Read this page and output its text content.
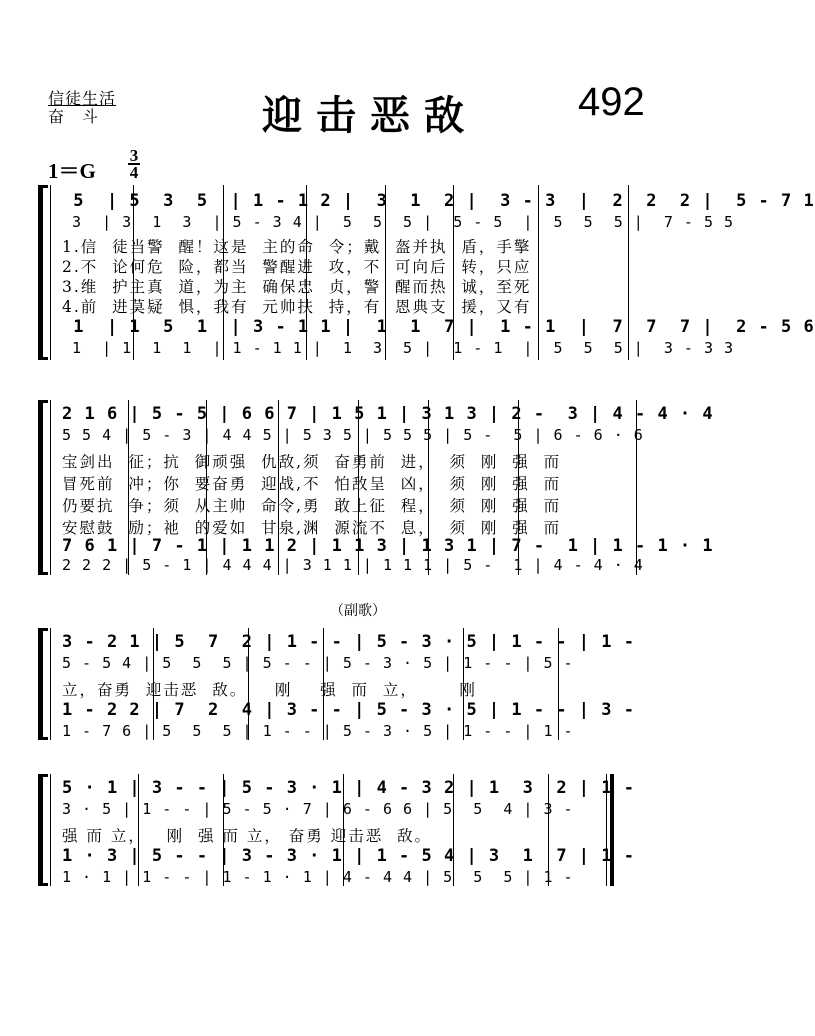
信徒生活
奋斗	迎击恶敌	492
1＝G
3
4
5  | 5  3  5  | 1 - 1 2 |  3  1  2 |  3 - 3  |  2  2  2 |  5 - 7 1
3  | 3  1  3  | 5 - 3 4 |  5  5  5 |  5 - 5  |  5  5  5 |  7 - 5 5
1.信  徒当警  醒！这是  主的命  令；戴  盔并执  盾，手擎
2.不  论何危  险，都当  警醒进  攻，不  可向后  转，只应
3.维  护主真  道，为主  确保忠  贞，警  醒而热  诚，至死
4.前  进莫疑  惧，我有  元帅扶  持，有  恩典支  援，又有
1  | 1  5  1  | 3 - 1 1 |  1  1  7 |  1 - 1  |  7  7  7 |  2 - 5 6
1  | 1  1  1  | 1 - 1 1 |  1  3  5 |  1 - 1  |  5  5  5 |  3 - 3 3
2 1 6 | 5 - 5 | 6 6 7 | 1 5 1 | 3 1 3 | 2 -  3 | 4 - 4 · 4
5 5 4 | 5 - 3 | 4 4 5 | 5 3 5 | 5 5 5 | 5 -  5 | 6 - 6 · 6
宝剑出  征；抗  御顽强  仇敌,须  奋勇前  进，  须  刚  强  而
冒死前  冲；你  要奋勇  迎战,不  怕敌呈  凶，  须  刚  强  而
仍要抗  争；须  从主帅  命令,勇  敢上征  程，  须  刚  强  而
安慰鼓  励；祂  的爱如  甘泉,渊  源流不  息，  须  刚  强  而
7 6 1 | 7 - 1 | 1 1 2 | 1 1 3 | 1 3 1 | 7 -  1 | 1 - 1 · 1
2 2 2 | 5 - 1 | 4 4 4 | 3 1 1 | 1 1 1 | 5 -  1 | 4 - 4 · 4
（副歌）
3 - 2 1 | 5  7  2 | 1 - - | 5 - 3 · 5 | 1 - - | 1 -
5 - 5 4 | 5  5  5 | 5 - - | 5 - 3 · 5 | 1 - - | 5 -
立，奋勇  迎击恶  敌。    刚    强  而  立，      刚
1 - 2 2 | 7  2  4 | 3 - - | 5 - 3 · 5 | 1 - - | 3 -
1 - 7 6 | 5  5  5 | 1 - - | 5 - 3 · 5 | 1 - - | 1 -
5 · 1 | 3 - - | 5 - 3 · 1 | 4 - 3 2 | 1  3  2 | 1 -
3 · 5 | 1 - - | 5 - 5 · 7 | 6 - 6 6 | 5  5  4 | 3 -
强 而 立，   刚  强 而 立， 奋勇 迎击恶  敌。
1 · 3 | 5 - - | 3 - 3 · 1 | 1 - 5 4 | 3  1  7 | 1 -
1 · 1 | 1 - - | 1 - 1 · 1 | 4 - 4 4 | 5  5  5 | 1 -
